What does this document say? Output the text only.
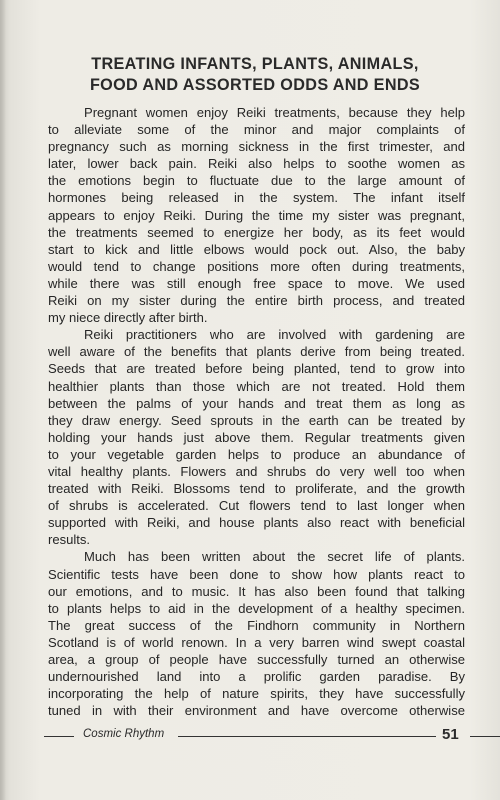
TREATING INFANTS, PLANTS, ANIMALS,
FOOD AND ASSORTED ODDS AND ENDS
Pregnant women enjoy Reiki treatments, because they help
to alleviate some of the minor and major complaints of
pregnancy such as morning sickness in the first trimester, and
later, lower back pain. Reiki also helps to soothe women as
the emotions begin to fluctuate due to the large amount of
hormones being released in the system. The infant itself
appears to enjoy Reiki. During the time my sister was pregnant,
the treatments seemed to energize her body, as its feet would
start to kick and little elbows would pock out. Also, the baby
would tend to change positions more often during treatments,
while there was still enough free space to move. We used
Reiki on my sister during the entire birth process, and treated
my niece directly after birth.
Reiki practitioners who are involved with gardening are
well aware of the benefits that plants derive from being treated.
Seeds that are treated before being planted, tend to grow into
healthier plants than those which are not treated. Hold them
between the palms of your hands and treat them as long as
they draw energy. Seed sprouts in the earth can be treated by
holding your hands just above them. Regular treatments given
to your vegetable garden helps to produce an abundance of
vital healthy plants. Flowers and shrubs do very well too when
treated with Reiki. Blossoms tend to proliferate, and the growth
of shrubs is accelerated. Cut flowers tend to last longer when
supported with Reiki, and house plants also react with beneficial
results.
Much has been written about the secret life of plants.
Scientific tests have been done to show how plants react to
our emotions, and to music. It has also been found that talking
to plants helps to aid in the development of a healthy specimen.
The great success of the Findhorn community in Northern
Scotland is of world renown. In a very barren wind swept coastal
area, a group of people have successfully turned an otherwise
undernourished land into a prolific garden paradise. By
incorporating the help of nature spirits, they have successfully
tuned in with their environment and have overcome otherwise
Cosmic Rhythm	51
